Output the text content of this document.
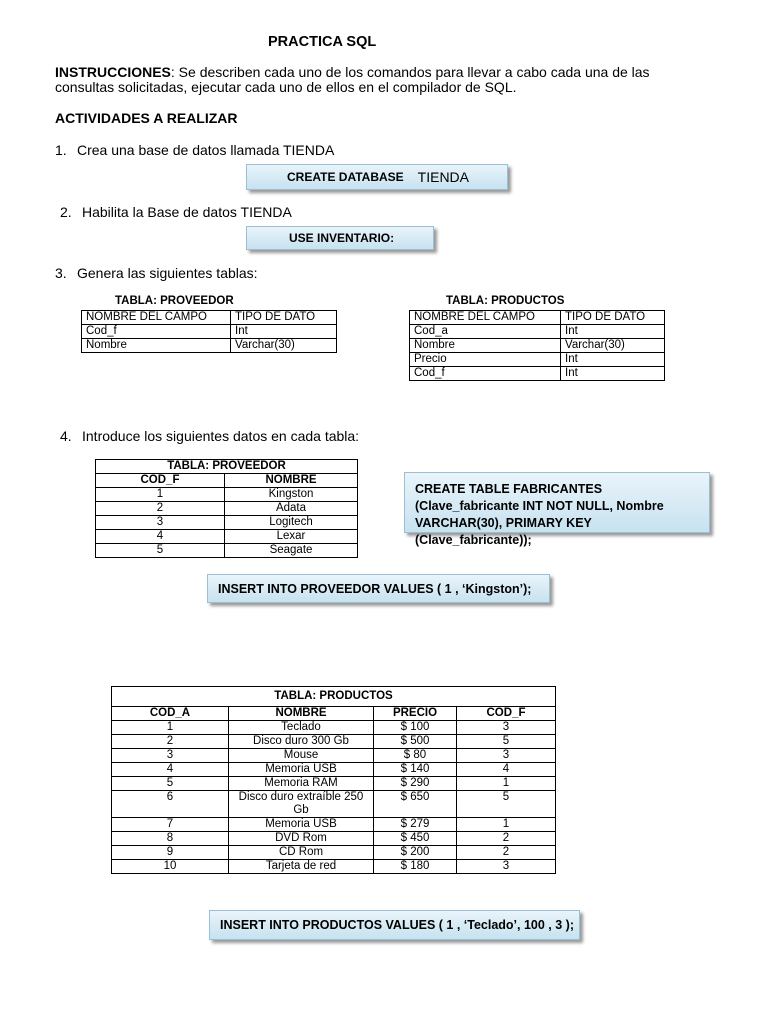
PRACTICA SQL
INSTRUCCIONES: Se describen cada uno de los comandos para llevar a cabo cada una de las consultas solicitadas, ejecutar cada uno de ellos en el compilador de SQL.
ACTIVIDADES A REALIZAR
1. Crea una base de datos llamada TIENDA
CREATE DATABASE TIENDA
2. Habilita la Base de datos TIENDA
USE INVENTARIO:
3. Genera las siguientes tablas:
TABLA: PROVEEDOR
NOMBRE DEL CAMPO	TIPO DE DATO
Cod_f	Int
Nombre	Varchar(30)
TABLA: PRODUCTOS
NOMBRE DEL CAMPO	TIPO DE DATO
Cod_a	Int
Nombre	Varchar(30)
Precio	Int
Cod_f	Int
4. Introduce los siguientes datos en cada tabla:
TABLA: PROVEEDOR	
COD_F	NOMBRE
1	Kingston
2	Adata
3	Logitech
4	Lexar
5	Seagate
CREATE TABLE FABRICANTES (Clave_fabricante INT NOT NULL, Nombre VARCHAR(30), PRIMARY KEY (Clave_fabricante));
INSERT INTO PROVEEDOR VALUES ( 1 , ‘Kingston’);
TABLA: PRODUCTOS			
COD_A	NOMBRE	PRECIO	COD_F
1	Teclado	$ 100	3
2	Disco duro 300 Gb	$ 500	5
3	Mouse	$ 80	3
4	Memoria USB	$ 140	4
5	Memoria RAM	$ 290	1
6	Disco duro extraíble 250 Gb	$ 650	5
7	Memoria USB	$ 279	1
8	DVD Rom	$ 450	2
9	CD Rom	$ 200	2
10	Tarjeta de red	$ 180	3
INSERT INTO PRODUCTOS VALUES ( 1 , ‘Teclado’, 100 , 3 );
